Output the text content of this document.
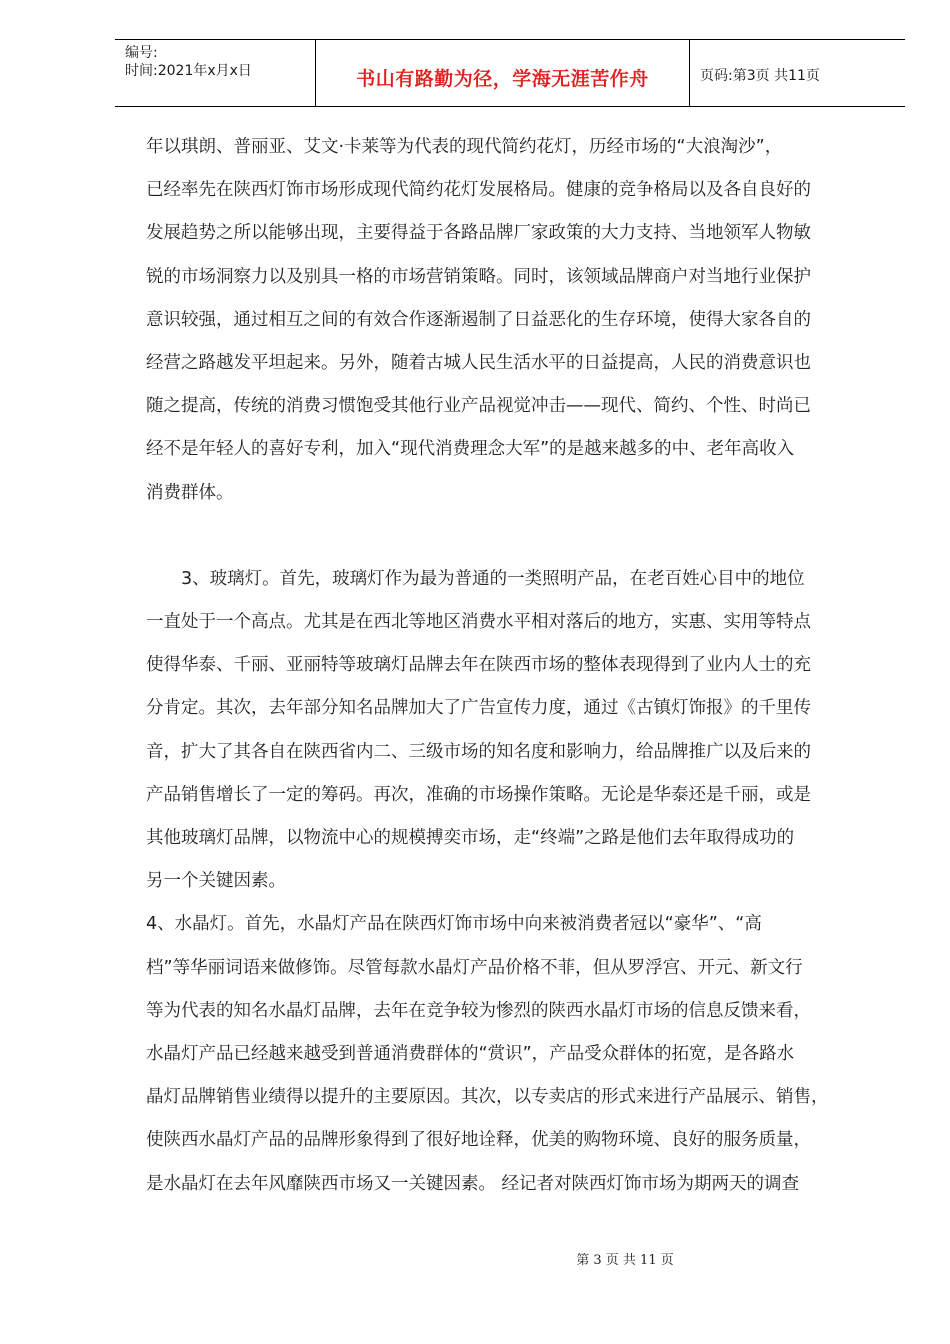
编号:
时间:2021年x月x日	书山有路勤为径，学海无涯苦作舟	页码:第3页 共11页
年以琪朗、普丽亚、艾文·卡莱等为代表的现代简约花灯，历经市场的“大浪淘沙”，
已经率先在陕西灯饰市场形成现代简约花灯发展格局。健康的竞争格局以及各自良好的
发展趋势之所以能够出现，主要得益于各路品牌厂家政策的大力支持、当地领军人物敏
锐的市场洞察力以及别具一格的市场营销策略。同时，该领域品牌商户对当地行业保护
意识较强，通过相互之间的有效合作逐渐遏制了日益恶化的生存环境，使得大家各自的
经营之路越发平坦起来。另外，随着古城人民生活水平的日益提高，人民的消费意识也
随之提高，传统的消费习惯饱受其他行业产品视觉冲击——现代、简约、个性、时尚已
经不是年轻人的喜好专利，加入“现代消费理念大军”的是越来越多的中、老年高收入
消费群体。
3、玻璃灯。首先，玻璃灯作为最为普通的一类照明产品，在老百姓心目中的地位
一直处于一个高点。尤其是在西北等地区消费水平相对落后的地方，实惠、实用等特点
使得华泰、千丽、亚丽特等玻璃灯品牌去年在陕西市场的整体表现得到了业内人士的充
分肯定。其次，去年部分知名品牌加大了广告宣传力度，通过《古镇灯饰报》的千里传
音，扩大了其各自在陕西省内二、三级市场的知名度和影响力，给品牌推广以及后来的
产品销售增长了一定的筹码。再次，准确的市场操作策略。无论是华泰还是千丽，或是
其他玻璃灯品牌，以物流中心的规模搏奕市场，走“终端”之路是他们去年取得成功的
另一个关键因素。
4、水晶灯。首先，水晶灯产品在陕西灯饰市场中向来被消费者冠以“豪华”、“高
档”等华丽词语来做修饰。尽管每款水晶灯产品价格不菲，但从罗浮宫、开元、新文行
等为代表的知名水晶灯品牌，去年在竞争较为惨烈的陕西水晶灯市场的信息反馈来看，
水晶灯产品已经越来越受到普通消费群体的“赏识”，产品受众群体的拓宽，是各路水
晶灯品牌销售业绩得以提升的主要原因。其次，以专卖店的形式来进行产品展示、销售，
使陕西水晶灯产品的品牌形象得到了很好地诠释，优美的购物环境、良好的服务质量，
是水晶灯在去年风靡陕西市场又一关键因素。 经记者对陕西灯饰市场为期两天的调查
第 3 页 共 11 页
